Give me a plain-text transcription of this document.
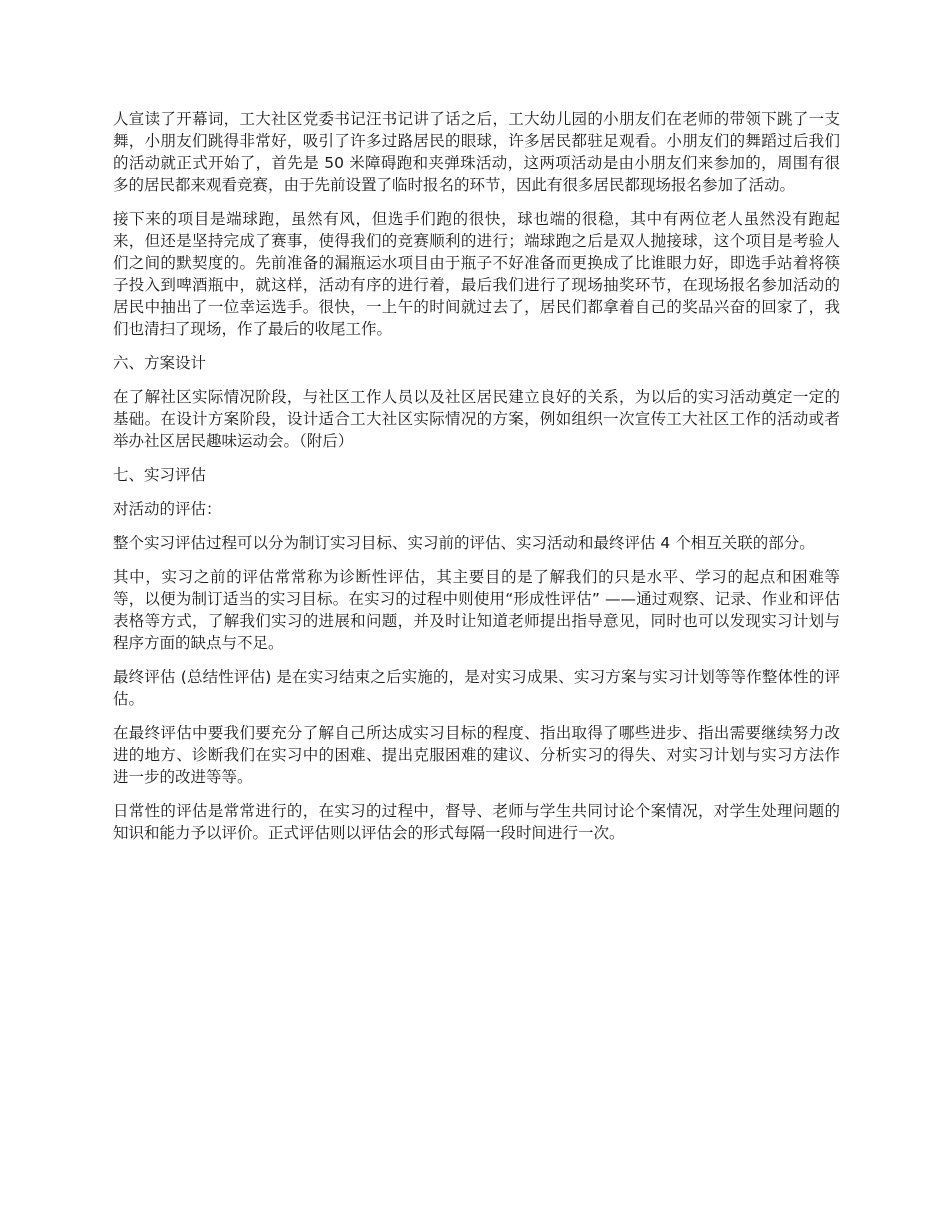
人宣读了开幕词，工大社区党委书记汪书记讲了话之后，工大幼儿园的小朋友们在老师的带领下跳了一支舞，小朋友们跳得非常好，吸引了许多过路居民的眼球，许多居民都驻足观看。小朋友们的舞蹈过后我们的活动就正式开始了，首先是 50 米障碍跑和夹弹珠活动，这两项活动是由小朋友们来参加的，周围有很多的居民都来观看竞赛，由于先前设置了临时报名的环节，因此有很多居民都现场报名参加了活动。

接下来的项目是端球跑，虽然有风，但选手们跑的很快，球也端的很稳，其中有两位老人虽然没有跑起来，但还是坚持完成了赛事，使得我们的竞赛顺利的进行；端球跑之后是双人抛接球，这个项目是考验人们之间的默契度的。先前准备的漏瓶运水项目由于瓶子不好准备而更换成了比谁眼力好，即选手站着将筷子投入到啤酒瓶中，就这样，活动有序的进行着，最后我们进行了现场抽奖环节，在现场报名参加活动的居民中抽出了一位幸运选手。很快，一上午的时间就过去了，居民们都拿着自己的奖品兴奋的回家了，我们也清扫了现场，作了最后的收尾工作。

六、方案设计

在了解社区实际情况阶段，与社区工作人员以及社区居民建立良好的关系，为以后的实习活动奠定一定的基础。在设计方案阶段，设计适合工大社区实际情况的方案，例如组织一次宣传工大社区工作的活动或者举办社区居民趣味运动会。（附后）

七、实习评估

对活动的评估：

整个实习评估过程可以分为制订实习目标、实习前的评估、实习活动和最终评估 4 个相互关联的部分。

其中，实习之前的评估常常称为诊断性评估，其主要目的是了解我们的只是水平、学习的起点和困难等等，以便为制订适当的实习目标。在实习的过程中则使用“形成性评估” ——通过观察、记录、作业和评估表格等方式，了解我们实习的进展和问题，并及时让知道老师提出指导意见，同时也可以发现实习计划与程序方面的缺点与不足。

最终评估 (总结性评估) 是在实习结束之后实施的，是对实习成果、实习方案与实习计划等等作整体性的评估。

在最终评估中要我们要充分了解自己所达成实习目标的程度、指出取得了哪些进步、指出需要继续努力改进的地方、诊断我们在实习中的困难、提出克服困难的建议、分析实习的得失、对实习计划与实习方法作进一步的改进等等。

日常性的评估是常常进行的，在实习的过程中，督导、老师与学生共同讨论个案情况，对学生处理问题的知识和能力予以评价。正式评估则以评估会的形式每隔一段时间进行一次。
